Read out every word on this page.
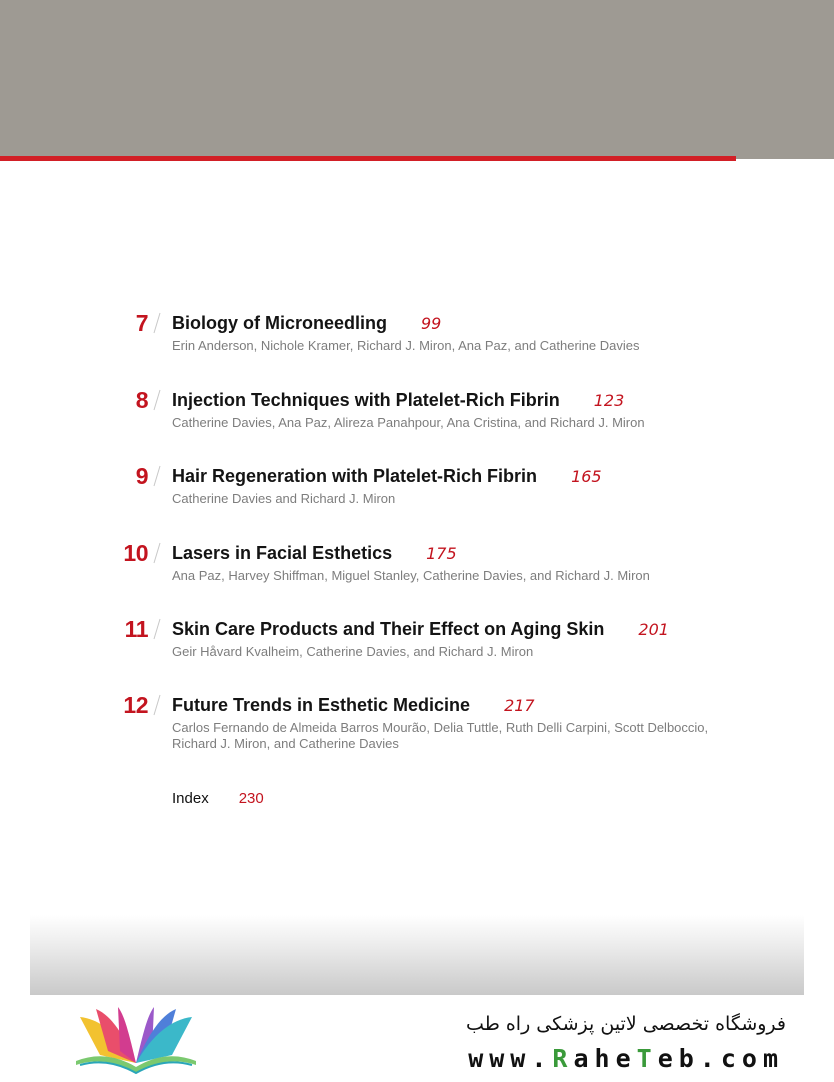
7 Biology of Microneedling 99
Erin Anderson, Nichole Kramer, Richard J. Miron, Ana Paz, and Catherine Davies
8 Injection Techniques with Platelet-Rich Fibrin 123
Catherine Davies, Ana Paz, Alireza Panahpour, Ana Cristina, and Richard J. Miron
9 Hair Regeneration with Platelet-Rich Fibrin 165
Catherine Davies and Richard J. Miron
10 Lasers in Facial Esthetics 175
Ana Paz, Harvey Shiffman, Miguel Stanley, Catherine Davies, and Richard J. Miron
11 Skin Care Products and Their Effect on Aging Skin 201
Geir Håvard Kvalheim, Catherine Davies, and Richard J. Miron
12 Future Trends in Esthetic Medicine 217
Carlos Fernando de Almeida Barros Mourão, Delia Tuttle, Ruth Delli Carpini, Scott Delboccio, Richard J. Miron, and Catherine Davies
Index 230
فروشگاه تخصصی لاتین پزشکی راه طب
www.RaheTeb.com
